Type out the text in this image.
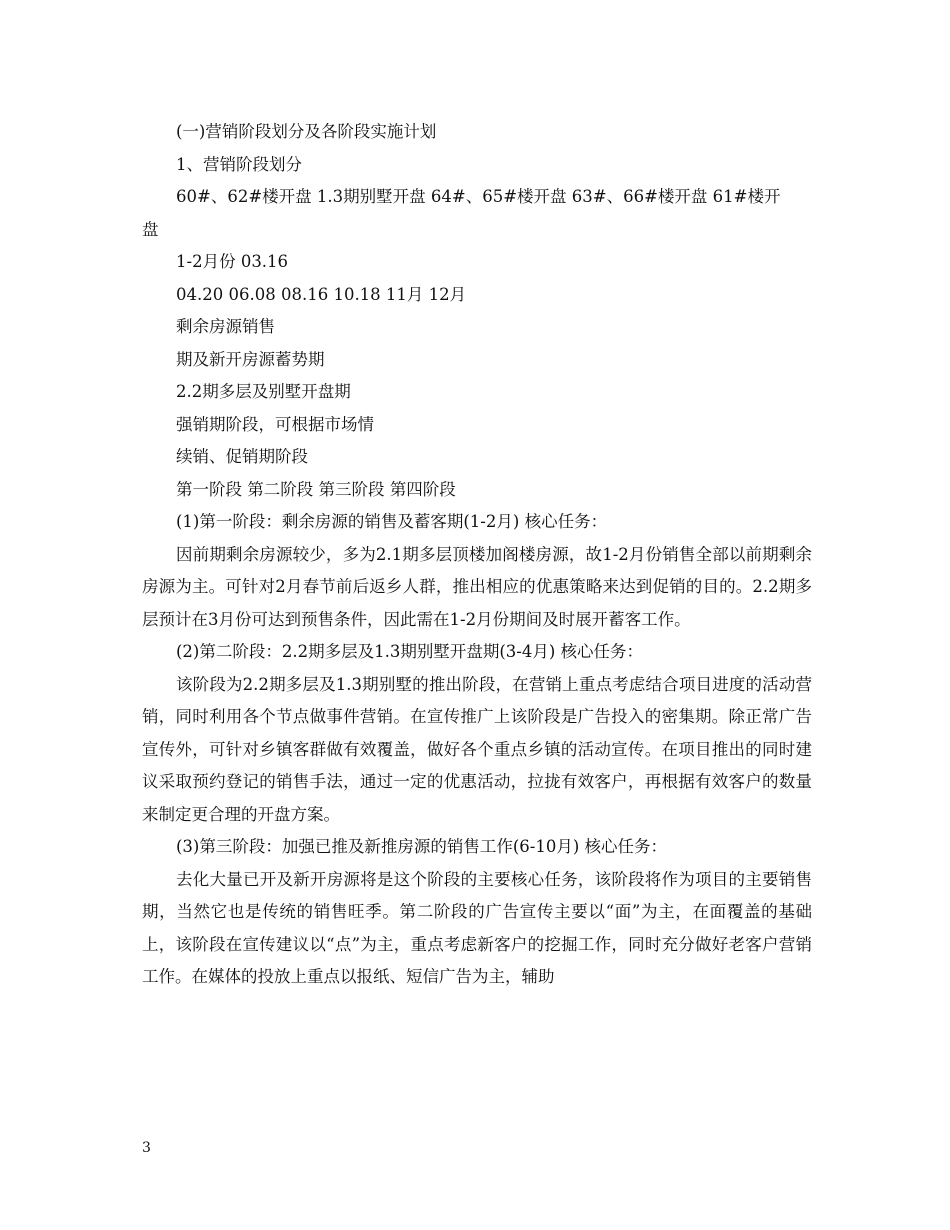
(一)营销阶段划分及各阶段实施计划
1、营销阶段划分
60#、62#楼开盘 1.3期别墅开盘 64#、65#楼开盘 63#、66#楼开盘 61#楼开
盘
1-2月份 03.16
04.20 06.08 08.16 10.18 11月 12月
剩余房源销售
期及新开房源蓄势期
2.2期多层及别墅开盘期
强销期阶段，可根据市场情
续销、促销期阶段
第一阶段 第二阶段 第三阶段 第四阶段
(1)第一阶段：剩余房源的销售及蓄客期(1-2月) 核心任务：
因前期剩余房源较少，多为2.1期多层顶楼加阁楼房源，故1-2月份销售全部以前期剩余房源为主。可针对2月春节前后返乡人群，推出相应的优惠策略来达到促销的目的。2.2期多层预计在3月份可达到预售条件，因此需在1-2月份期间及时展开蓄客工作。
(2)第二阶段：2.2期多层及1.3期别墅开盘期(3-4月) 核心任务：
该阶段为2.2期多层及1.3期别墅的推出阶段，在营销上重点考虑结合项目进度的活动营销，同时利用各个节点做事件营销。在宣传推广上该阶段是广告投入的密集期。除正常广告宣传外，可针对乡镇客群做有效覆盖，做好各个重点乡镇的活动宣传。在项目推出的同时建议采取预约登记的销售手法，通过一定的优惠活动，拉拢有效客户，再根据有效客户的数量来制定更合理的开盘方案。
(3)第三阶段：加强已推及新推房源的销售工作(6-10月) 核心任务：
去化大量已开及新开房源将是这个阶段的主要核心任务，该阶段将作为项目的主要销售期，当然它也是传统的销售旺季。第二阶段的广告宣传主要以“面”为主，在面覆盖的基础上，该阶段在宣传建议以“点”为主，重点考虑新客户的挖掘工作，同时充分做好老客户营销工作。在媒体的投放上重点以报纸、短信广告为主，辅助
3
